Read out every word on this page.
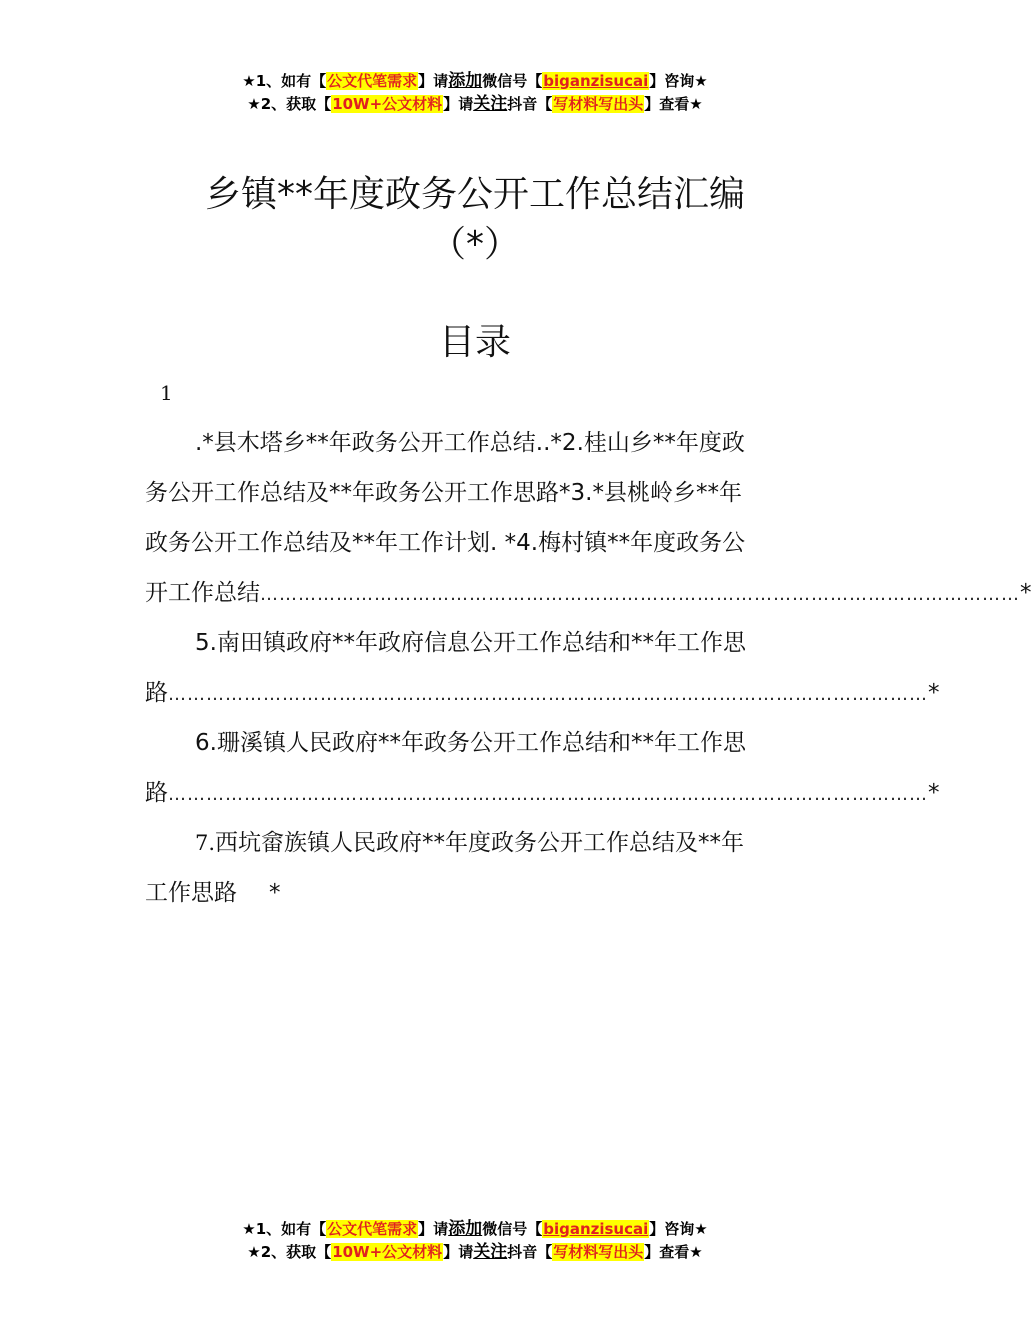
★1、如有【公文代笔需求】请添加微信号【biganzisucai】咨询★
★2、获取【10W+公文材料】请关注抖音【写材料写出头】查看★
乡镇**年度政务公开工作总结汇编
（*）
目录
1
.*县木塔乡**年政务公开工作总结..*2.桂山乡**年度政
务公开工作总结及**年政务公开工作思路*3.*县桃岭乡**年
政务公开工作总结及**年工作计划. *4.梅村镇**年度政务公
开工作总结 ………………………………………………………………………………………………………… *
5.南田镇政府**年政府信息公开工作总结和**年工作思
路 ………………………………………………………………………………………………………… *
6.珊溪镇人民政府**年政务公开工作总结和**年工作思
路 ………………………………………………………………………………………………………… *
7.西坑畲族镇人民政府**年度政务公开工作总结及**年
工作思路 *
★1、如有【公文代笔需求】请添加微信号【biganzisucai】咨询★
★2、获取【10W+公文材料】请关注抖音【写材料写出头】查看★
